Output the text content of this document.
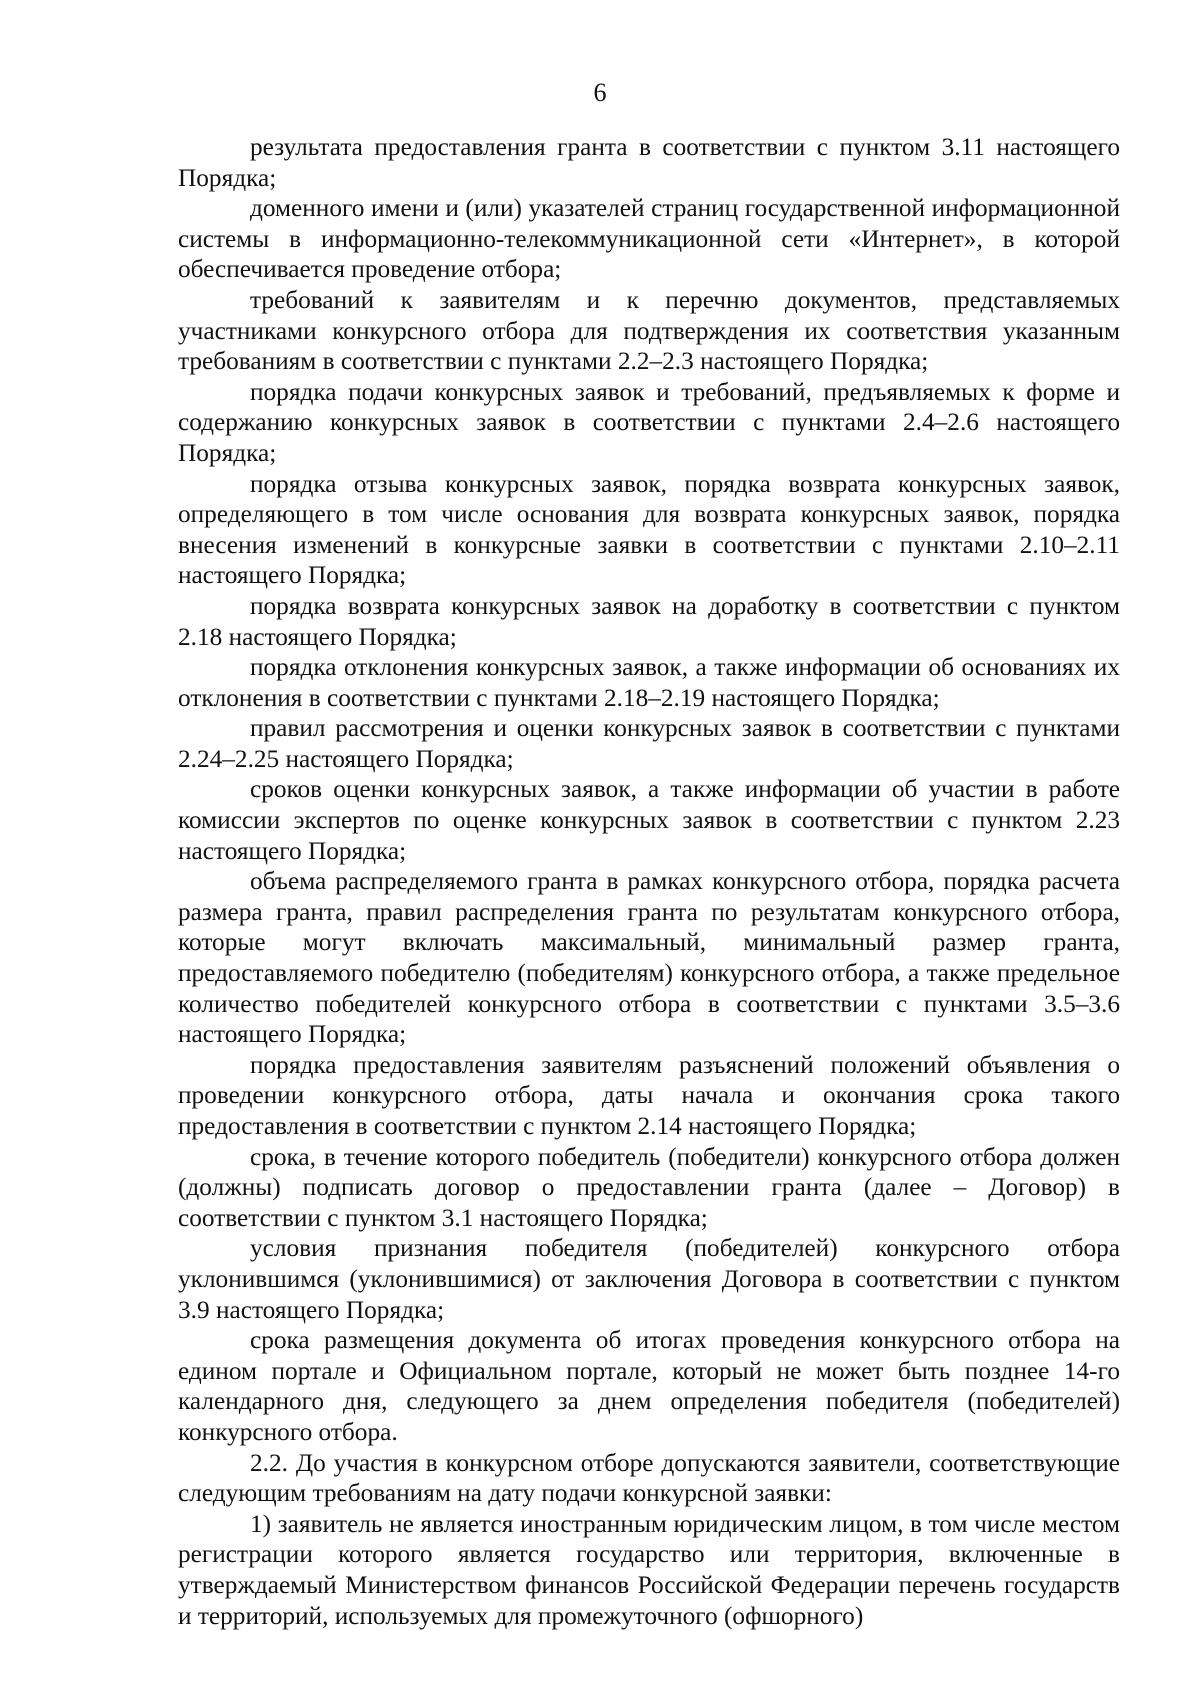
6

результата предоставления гранта в соответствии с пунктом 3.11 настоящего Порядка;

доменного имени и (или) указателей страниц государственной информационной системы в информационно-телекоммуникационной сети «Интернет», в которой обеспечивается проведение отбора;

требований к заявителям и к перечню документов, представляемых участниками конкурсного отбора для подтверждения их соответствия указанным требованиям в соответствии с пунктами 2.2–2.3 настоящего Порядка;

порядка подачи конкурсных заявок и требований, предъявляемых к форме и содержанию конкурсных заявок в соответствии с пунктами 2.4–2.6 настоящего Порядка;

порядка отзыва конкурсных заявок, порядка возврата конкурсных заявок, определяющего в том числе основания для возврата конкурсных заявок, порядка внесения изменений в конкурсные заявки в соответствии с пунктами 2.10–2.11 настоящего Порядка;

порядка возврата конкурсных заявок на доработку в соответствии с пунктом 2.18 настоящего Порядка;

порядка отклонения конкурсных заявок, а также информации об основаниях их отклонения в соответствии с пунктами 2.18–2.19 настоящего Порядка;

правил рассмотрения и оценки конкурсных заявок в соответствии с пунктами 2.24–2.25 настоящего Порядка;

сроков оценки конкурсных заявок, а также информации об участии в работе комиссии экспертов по оценке конкурсных заявок в соответствии с пунктом 2.23 настоящего Порядка;

объема распределяемого гранта в рамках конкурсного отбора, порядка расчета размера гранта, правил распределения гранта по результатам конкурсного отбора, которые могут включать максимальный, минимальный размер гранта, предоставляемого победителю (победителям) конкурсного отбора, а также предельное количество победителей конкурсного отбора в соответствии с пунктами 3.5–3.6 настоящего Порядка;

порядка предоставления заявителям разъяснений положений объявления о проведении конкурсного отбора, даты начала и окончания срока такого предоставления в соответствии с пунктом 2.14 настоящего Порядка;

срока, в течение которого победитель (победители) конкурсного отбора должен (должны) подписать договор о предоставлении гранта (далее – Договор) в соответствии с пунктом 3.1 настоящего Порядка;

условия признания победителя (победителей) конкурсного отбора уклонившимся (уклонившимися) от заключения Договора в соответствии с пунктом 3.9 настоящего Порядка;

срока размещения документа об итогах проведения конкурсного отбора на едином портале и Официальном портале, который не может быть позднее 14-го календарного дня, следующего за днем определения победителя (победителей) конкурсного отбора.

2.2. До участия в конкурсном отборе допускаются заявители, соответствующие следующим требованиям на дату подачи конкурсной заявки:

1) заявитель не является иностранным юридическим лицом, в том числе местом регистрации которого является государство или территория, включенные в утверждаемый Министерством финансов Российской Федерации перечень государств и территорий, используемых для промежуточного (офшорного)
